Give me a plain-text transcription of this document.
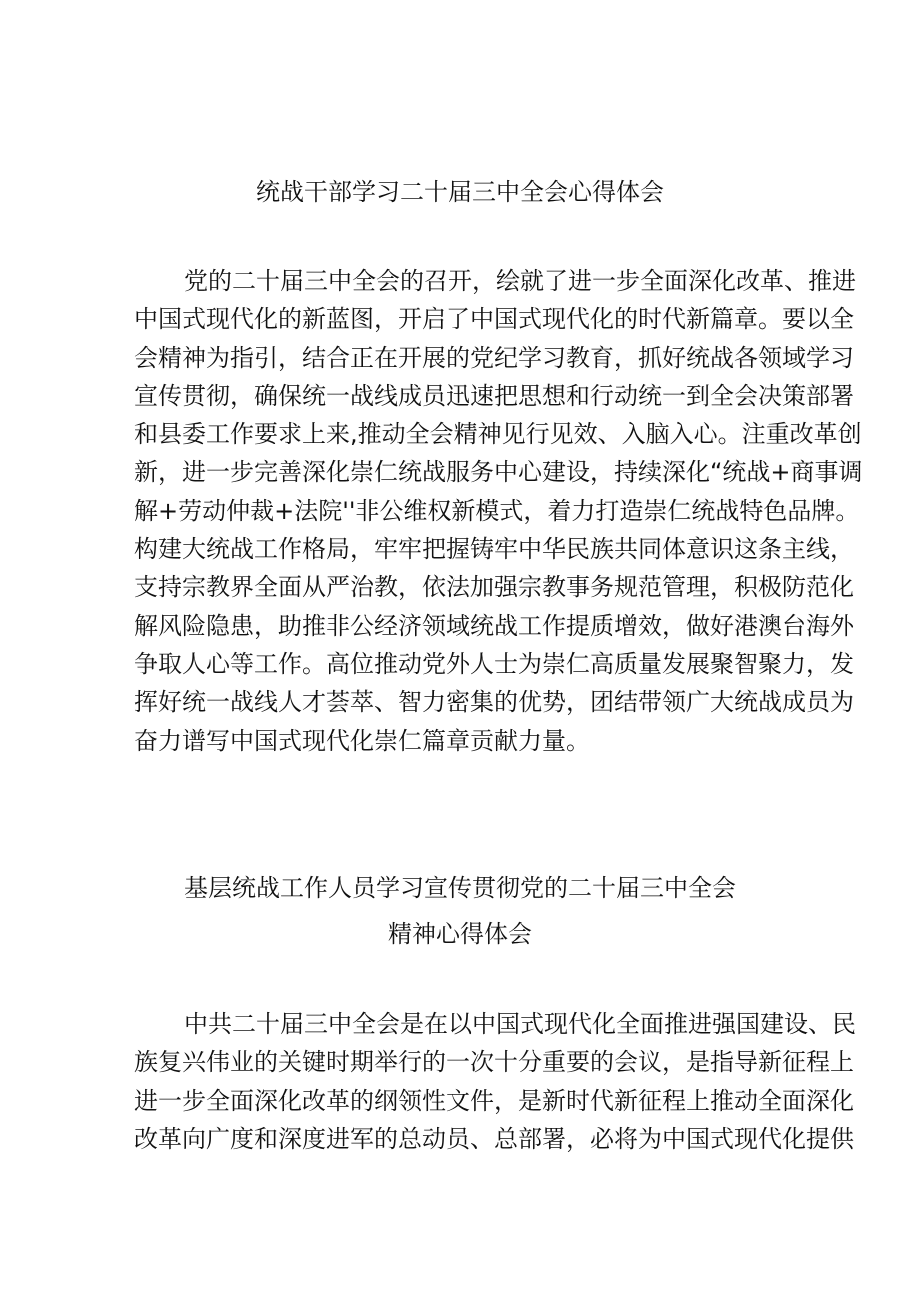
统战干部学习二十届三中全会心得体会
党的二十届三中全会的召开，绘就了进一步全面深化改革、推进
中国式现代化的新蓝图，开启了中国式现代化的时代新篇章。要以全
会精神为指引，结合正在开展的党纪学习教育，抓好统战各领域学习
宣传贯彻，确保统一战线成员迅速把思想和行动统一到全会决策部署
和县委工作要求上来,推动全会精神见行见效、入脑入心。注重改革创
新，进一步完善深化崇仁统战服务中心建设，持续深化“统战+商事调
解+劳动仲裁+法院''非公维权新模式，着力打造崇仁统战特色品牌。
构建大统战工作格局，牢牢把握铸牢中华民族共同体意识这条主线，
支持宗教界全面从严治教，依法加强宗教事务规范管理，积极防范化
解风险隐患，助推非公经济领域统战工作提质增效，做好港澳台海外
争取人心等工作。高位推动党外人士为崇仁高质量发展聚智聚力，发
挥好统一战线人才荟萃、智力密集的优势，团结带领广大统战成员为
奋力谱写中国式现代化崇仁篇章贡献力量。
基层统战工作人员学习宣传贯彻党的二十届三中全会
精神心得体会
中共二十届三中全会是在以中国式现代化全面推进强国建设、民
族复兴伟业的关键时期举行的一次十分重要的会议，是指导新征程上
进一步全面深化改革的纲领性文件，是新时代新征程上推动全面深化
改革向广度和深度进军的总动员、总部署，必将为中国式现代化提供
